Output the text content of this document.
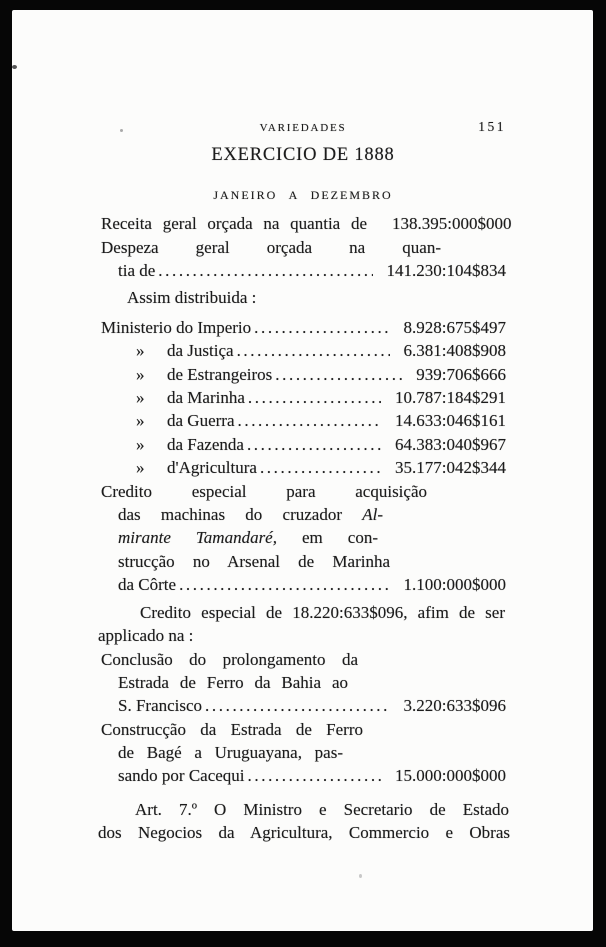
VARIEDADES	151
EXERCICIO DE 1888
JANEIRO A DEZEMBRO
Receita geral orçada na quantia de 138.395:000$000
Despeza geral orçada na quan-
tia de .....	141.230:104$834
Assim distribuida :
Ministerio do Imperio .....	8.928:675$497
»	da Justiça .....	6.381:408$908
»	de Estrangeiros .....	939:706$666
»	da Marinha .....	10.787:184$291
»	da Guerra .....	14.633:046$161
»	da Fazenda .....	64.383:040$967
»	d'Agricultura .....	35.177:042$344
Credito especial para acquisição
das machinas do cruzador Al-
mirante Tamandaré, em con-
strucção no Arsenal de Marinha
da Côrte .....	1.100:000$000
Credito especial de 18.220:633$096, afim de ser
applicado na :
Conclusão do prolongamento da
Estrada de Ferro da Bahia ao
S. Francisco .....	3.220:633$096
Construcção da Estrada de Ferro
de Bagé a Uruguayana, pas-
sando por Cacequi .....	15.000:000$000
Art. 7.º O Ministro e Secretario de Estado
dos Negocios da Agricultura, Commercio e Obras
